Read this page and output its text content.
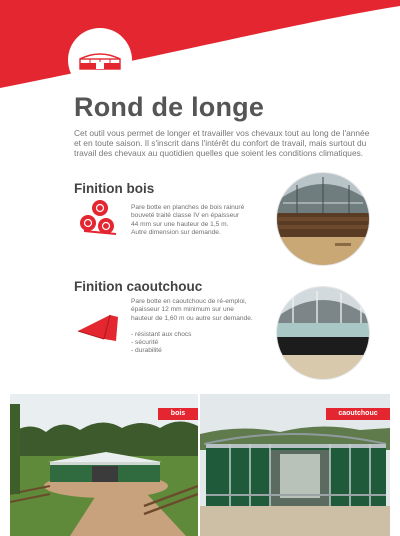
Rond de longe

Cet outil vous permet de longer et travailler vos chevaux tout au long de l'année et en toute saison. Il s'inscrit dans l'intérêt du confort de travail, mais surtout du travail des chevaux au quotidien quelles que soient les conditions climatiques.

Finition bois

Pare botte en planches de bois rainuré

bouveté traité classe IV en épaisseur

44 mm sur une hauteur de 1,5 m.

Autre dimension sur demande.

Finition caoutchouc

Pare botte en caoutchouc de ré-emploi,

épaisseur 12 mm minimum sur une

hauteur de 1,60 m ou autre sur demande.

- résistant aux chocs

- sécurité

- durabilité

bois	caoutchouc
